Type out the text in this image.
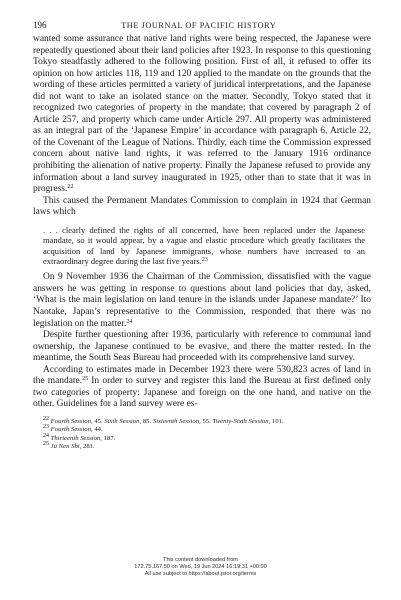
196	THE JOURNAL OF PACIFIC HISTORY

wanted some assurance that native land rights were being respected, the Japanese were repeatedly questioned about their land policies after 1923. In response to this questioning Tokyo steadfastly adhered to the following position. First of all, it refused to offer its opinion on how articles 118, 119 and 120 applied to the mandate on the grounds that the wording of these articles permitted a variety of juridical interpretations, and the Japanese did not want to take an isolated stance on the matter. Secondly, Tokyo stated that it recognized two categories of property in the mandate; that covered by paragraph 2 of Article 257, and property which came under Article 297. All property was administered as an integral part of the ‘Japanese Empire’ in accordance with paragraph 6, Article 22, of the Covenant of the League of Nations. Thirdly, each time the Commission expressed concern about native land rights, it was referred to the January 1916 ordinance prohibiting the alienation of native property. Finally the Japanese refused to provide any information about a land survey inaugurated in 1925, other than to state that it was in progress.$^{22}$

This caused the Permanent Mandates Commission to complain in 1924 that German laws which

. . . clearly defined the rights of all concerned, have been replaced under the Japanese mandate, so it would appear, by a vague and elastic procedure which greatly facilitates the acquisition of land by Japanese immigrants, whose numbers have increased to an extraordinary degree during the last five years.$^{23}$

On 9 November 1936 the Chairman of the Commission, dissatisfied with the vague answers he was getting in response to questions about land policies that day, asked, ‘What is the main legislation on land tenure in the islands under Japanese mandate?’ Ito Naotake, Japan’s representative to the Commission, responded that there was no legislation on the matter.$^{24}$

Despite further questioning after 1936, particularly with reference to communal land ownership, the Japanese continued to be evasive, and there the matter rested. In the meantime, the South Seas Bureau had proceeded with its comprehensive land survey.

According to estimates made in December 1923 there were 530,823 acres of land in the mandate.$^{25}$ In order to survey and register this land the Bureau at first defined only two categories of property: Japanese and foreign on the one hand, and native on the other. Guidelines for a land survey were es-

$^{22}$ Fourth Session, 45. Sixth Session, 85. Sixteenth Session, 55. Twenty-Sixth Session, 101.
$^{23}$ Fourth Session, 44.
$^{24}$ Thirteenth Session, 187.
$^{25}$ Jū Nen Shi, 281.
This content downloaded from
172.75.167.50 on Wed, 19 Jun 2024 16:19:31 +00:00
All use subject to https://about.jstor.org/terms
